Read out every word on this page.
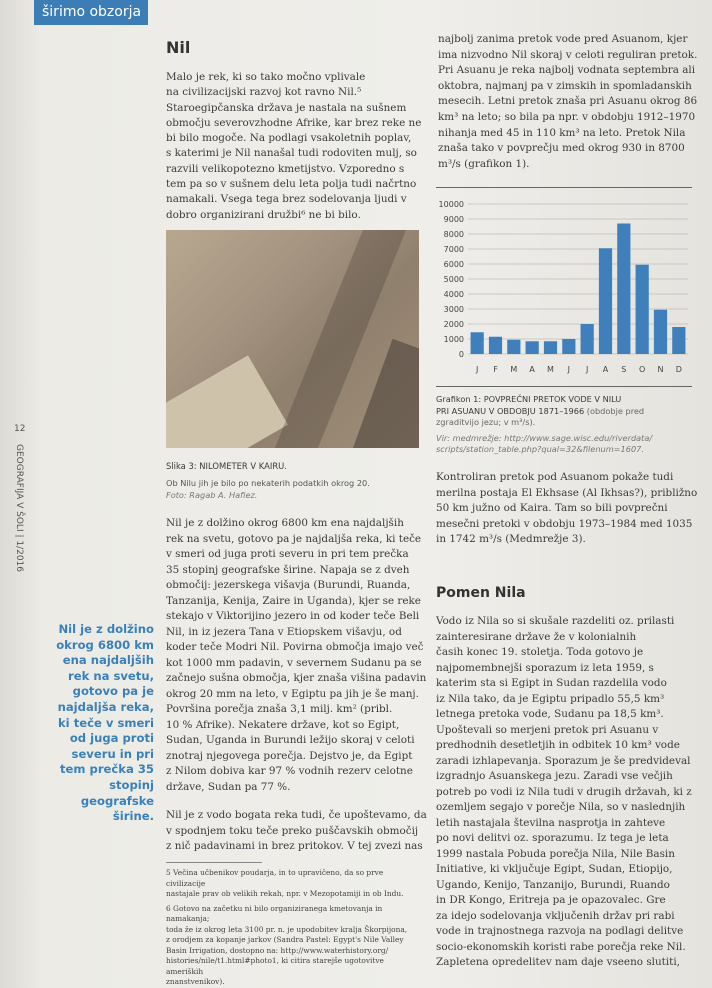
širimo obzorja
12
GEOGRAFIJA V ŠOLI | 1/2016
Nil
Malo je rek, ki so tako močno vplivale
na civilizacijski razvoj kot ravno Nil.⁵
Staroegipčanska država je nastala na sušnem
območju severovzhodne Afrike, kar brez reke ne
bi bilo mogoče. Na podlagi vsakoletnih poplav,
s katerimi je Nil nanašal tudi rodoviten mulj, so
razvili velikopotezno kmetijstvo. Vzporedno s
tem pa so v sušnem delu leta polja tudi načrtno
namakali. Vsega tega brez sodelovanja ljudi v
dobro organizirani družbi⁶ ne bi bilo.
Slika 3: NILOMETER V KAIRU.
Ob Nilu jih je bilo po nekaterih podatkih okrog 20.
Foto: Ragab A. Hafiez.
Nil je z dolžino okrog 6800 km ena najdaljših
rek na svetu, gotovo pa je najdaljša reka, ki teče
v smeri od juga proti severu in pri tem prečka
35 stopinj geografske širine. Napaja se z dveh
območij: jezerskega višavja (Burundi, Ruanda,
Tanzanija, Kenija, Zaire in Uganda), kjer se reke
stekajo v Viktorijino jezero in od koder teče Beli
Nil, in iz jezera Tana v Etiopskem višavju, od
koder teče Modri Nil. Povirna območja imajo več
kot 1000 mm padavin, v severnem Sudanu pa se
začnejo sušna območja, kjer znaša višina padavin
okrog 20 mm na leto, v Egiptu pa jih je še manj.
Površina porečja znaša 3,1 milj. km² (pribl.
10 % Afrike). Nekatere države, kot so Egipt,
Sudan, Uganda in Burundi ležijo skoraj v celoti
znotraj njegovega porečja. Dejstvo je, da Egipt
z Nilom dobiva kar 97 % vodnih rezerv celotne
države, Sudan pa 77 %.
Nil je z vodo bogata reka tudi, če upoštevamo, da
v spodnjem toku teče preko puščavskih območij
z nič padavinami in brez pritokov. V tej zvezi nas
5 Večina učbenikov poudarja, in to upravičeno, da so prve civilizacije
nastajale prav ob velikih rekah, npr. v Mezopotamiji in ob Indu.
6 Gotovo na začetku ni bilo organiziranega kmetovanja in namakanja;
toda že iz okrog leta 3100 pr. n. je upodobitev kralja Škorpijona,
z orodjem za kopanje jarkov (Sandra Pastel: Egypt's Nile Valley
Basin Irrigation, dostopno na: http://www.waterhistory.org/
histories/nile/t1.html#photo1, ki citira starejše ugotovitve ameriških
znanstvenikov).
Nil je z dolžino okrog 6800 km ena najdaljših rek na svetu, gotovo pa je najdaljša reka, ki teče v smeri od juga proti severu in pri tem prečka 35 stopinj geografske širine.
najbolj zanima pretok vode pred Asuanom, kjer
ima nizvodno Nil skoraj v celoti reguliran pretok.
Pri Asuanu je reka najbolj vodnata septembra ali
oktobra, najmanj pa v zimskih in spomladanskih
mesecih. Letni pretok znaša pri Asuanu okrog 86
km³ na leto; so bila pa npr. v obdobju 1912–1970
nihanja med 45 in 110 km³ na leto. Pretok Nila
znaša tako v povprečju med okrog 930 in 8700
m³/s (grafikon 1).
0
1000
2000
3000
4000
5000
6000
7000
8000
9000
10000
J F M A M J J A S O N D
Grafikon 1: POVPREČNI PRETOK VODE V NILU
PRI ASUANU V OBDOBJU 1871–1966 (obdobje pred
zgraditvijo jezu; v m³/s).
Vir: medmrežje: http://www.sage.wisc.edu/riverdata/
scripts/station_table.php?qual=32&filenum=1607.
Kontroliran pretok pod Asuanom pokaže tudi
merilna postaja El Ekhsase (Al Ikhsas?), približno
50 km južno od Kaira. Tam so bili povprečni
mesečni pretoki v obdobju 1973–1984 med 1035
in 1742 m³/s (Medmrežje 3).
Pomen Nila
Vodo iz Nila so si skušale razdeliti oz. prilasti
zainteresirane države že v kolonialnih
časih konec 19. stoletja. Toda gotovo je
najpomembnejši sporazum iz leta 1959, s
katerim sta si Egipt in Sudan razdelila vodo
iz Nila tako, da je Egiptu pripadlo 55,5 km³
letnega pretoka vode, Sudanu pa 18,5 km³.
Upoštevali so merjeni pretok pri Asuanu v
predhodnih desetletjih in odbitek 10 km³ vode
zaradi izhlapevanja. Sporazum je še predvideval
izgradnjo Asuanskega jezu. Zaradi vse večjih
potreb po vodi iz Nila tudi v drugih državah, ki z
ozemljem segajo v porečje Nila, so v naslednjih
letih nastajala številna nasprotja in zahteve
po novi delitvi oz. sporazumu. Iz tega je leta
1999 nastala Pobuda porečja Nila, Nile Basin
Initiative, ki vključuje Egipt, Sudan, Etiopijo,
Ugando, Kenijo, Tanzanijo, Burundi, Ruando
in DR Kongo, Eritreja pa je opazovalec. Gre
za idejo sodelovanja vključenih držav pri rabi
vode in trajnostnega razvoja na podlagi delitve
socio-ekonomskih koristi rabe porečja reke Nil.
Zapletena opredelitev nam daje vseeno slutiti,
